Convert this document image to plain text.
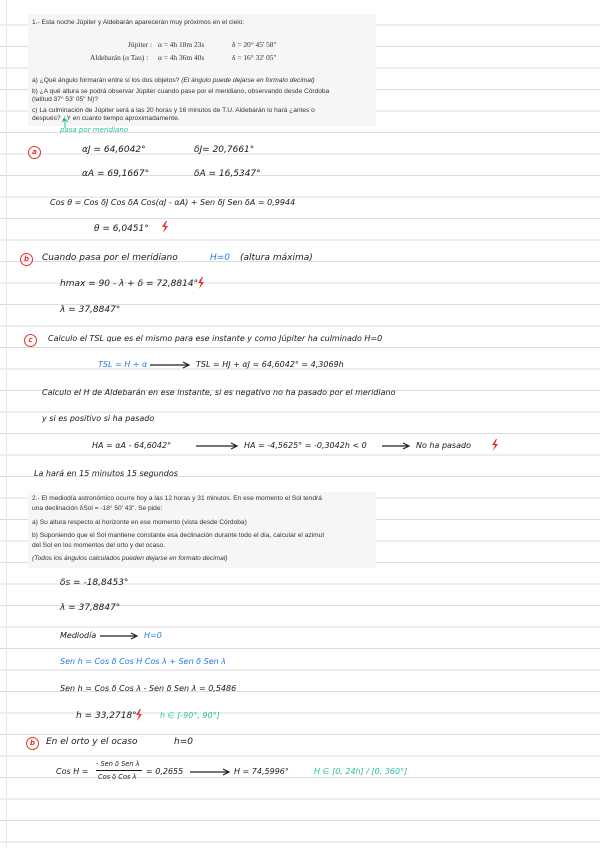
1.- Esta noche Júpiter y Aldebarán aparecerán muy próximos en el cielo:
Júpiter : α = 4h 18m 23s	δ = 20° 45' 58"
Aldebarán (α Tau) : α = 4h 36m 40s	δ = 16° 32' 05"
a) ¿Qué ángulo formarán entre sí los dos objetos? (El ángulo puede dejarse en formato decimal)
b) ¿A qué altura se podrá observar Júpiter cuando pase por el meridiano, observando desde Córdoba
(latitud 37° 53' 05" N)?
c) La culminación de Júpiter será a las 20 horas y 16 minutos de T.U. Aldebarán lo hará ¿antes o
después? ¿Y en cuanto tiempo aproximadamente.
pasa por meridiano
a	αJ = 64,6042°	δJ= 20,7661°
αA = 69,1667°	δA = 16,5347°
Cos θ = Cos δJ Cos δA Cos(αJ - αA) + Sen δJ Sen δA = 0,9944
θ = 6,0451°
b	Cuando pasa por el meridiano	H=0 (altura máxima)
hmax = 90 - λ + δ = 72,8814°
λ = 37,8847°
c	Calculo el TSL que es el mismo para ese instante y como Júpiter ha culminado H=0
TSL = H + α	TSL = HJ + αJ = 64,6042° = 4,3069h
Calculo el H de Aldebarán en ese instante, si es negativo no ha pasado por el meridiano
y si es positivo si ha pasado
HA = αA - 64,6042°	HA = -4,5625° = -0,3042h < 0	No ha pasado
La hará en 15 minutos 15 segundos
2.- El mediodía astronómico ocurre hoy a las 12 horas y 31 minutos. En ese momento el Sol tendrá
una declinación δSol = -18° 50' 43". Se pide:
a) Su altura respecto al horizonte en ese momento (vista desde Córdoba)
b) Suponiendo que el Sol mantiene constante esa declinación durante todo el día, calcular el azimut
del Sol en los momentos del orto y del ocaso.
(Todos los ángulos calculados pueden dejarse en formato decimal)
δs = -18,8453°
λ = 37,8847°
Mediodía	H=0
Sen h = Cos δ Cos H Cos λ + Sen δ Sen λ
Sen h = Cos δ Cos λ - Sen δ Sen λ = 0,5486
h = 33,2718°	h ∈ [-90°, 90°]
b	En el orto y el ocaso	h=0
Cos H =
- Sen δ Sen λ
Cos δ Cos λ
= 0,2655	H = 74,5996°	H ∈ [0, 24h] / [0, 360°]
